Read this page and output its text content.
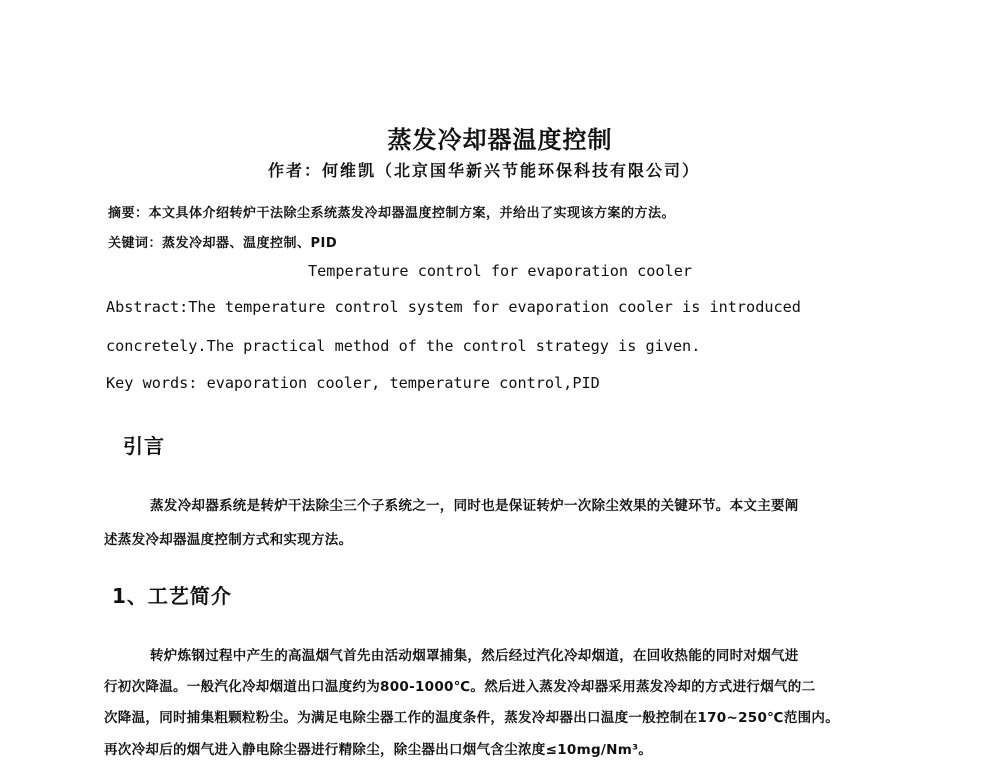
蒸发冷却器温度控制
作者：何维凯（北京国华新兴节能环保科技有限公司）
摘要：本文具体介绍转炉干法除尘系统蒸发冷却器温度控制方案，并给出了实现该方案的方法。
关键词：蒸发冷却器、温度控制、PID
Temperature control for evaporation cooler
Abstract:The temperature control system for evaporation cooler is introduced
concretely.The practical method of the control strategy is given.
Key words: evaporation cooler, temperature control,PID
引言
蒸发冷却器系统是转炉干法除尘三个子系统之一，同时也是保证转炉一次除尘效果的关键环节。本文主要阐
述蒸发冷却器温度控制方式和实现方法。
1、工艺简介
转炉炼钢过程中产生的高温烟气首先由活动烟罩捕集，然后经过汽化冷却烟道，在回收热能的同时对烟气进
行初次降温。一般汽化冷却烟道出口温度约为800-1000℃。然后进入蒸发冷却器采用蒸发冷却的方式进行烟气的二
次降温，同时捕集粗颗粒粉尘。为满足电除尘器工作的温度条件，蒸发冷却器出口温度一般控制在170~250℃范围内。
再次冷却后的烟气进入静电除尘器进行精除尘，除尘器出口烟气含尘浓度≤10mg/Nm³。
